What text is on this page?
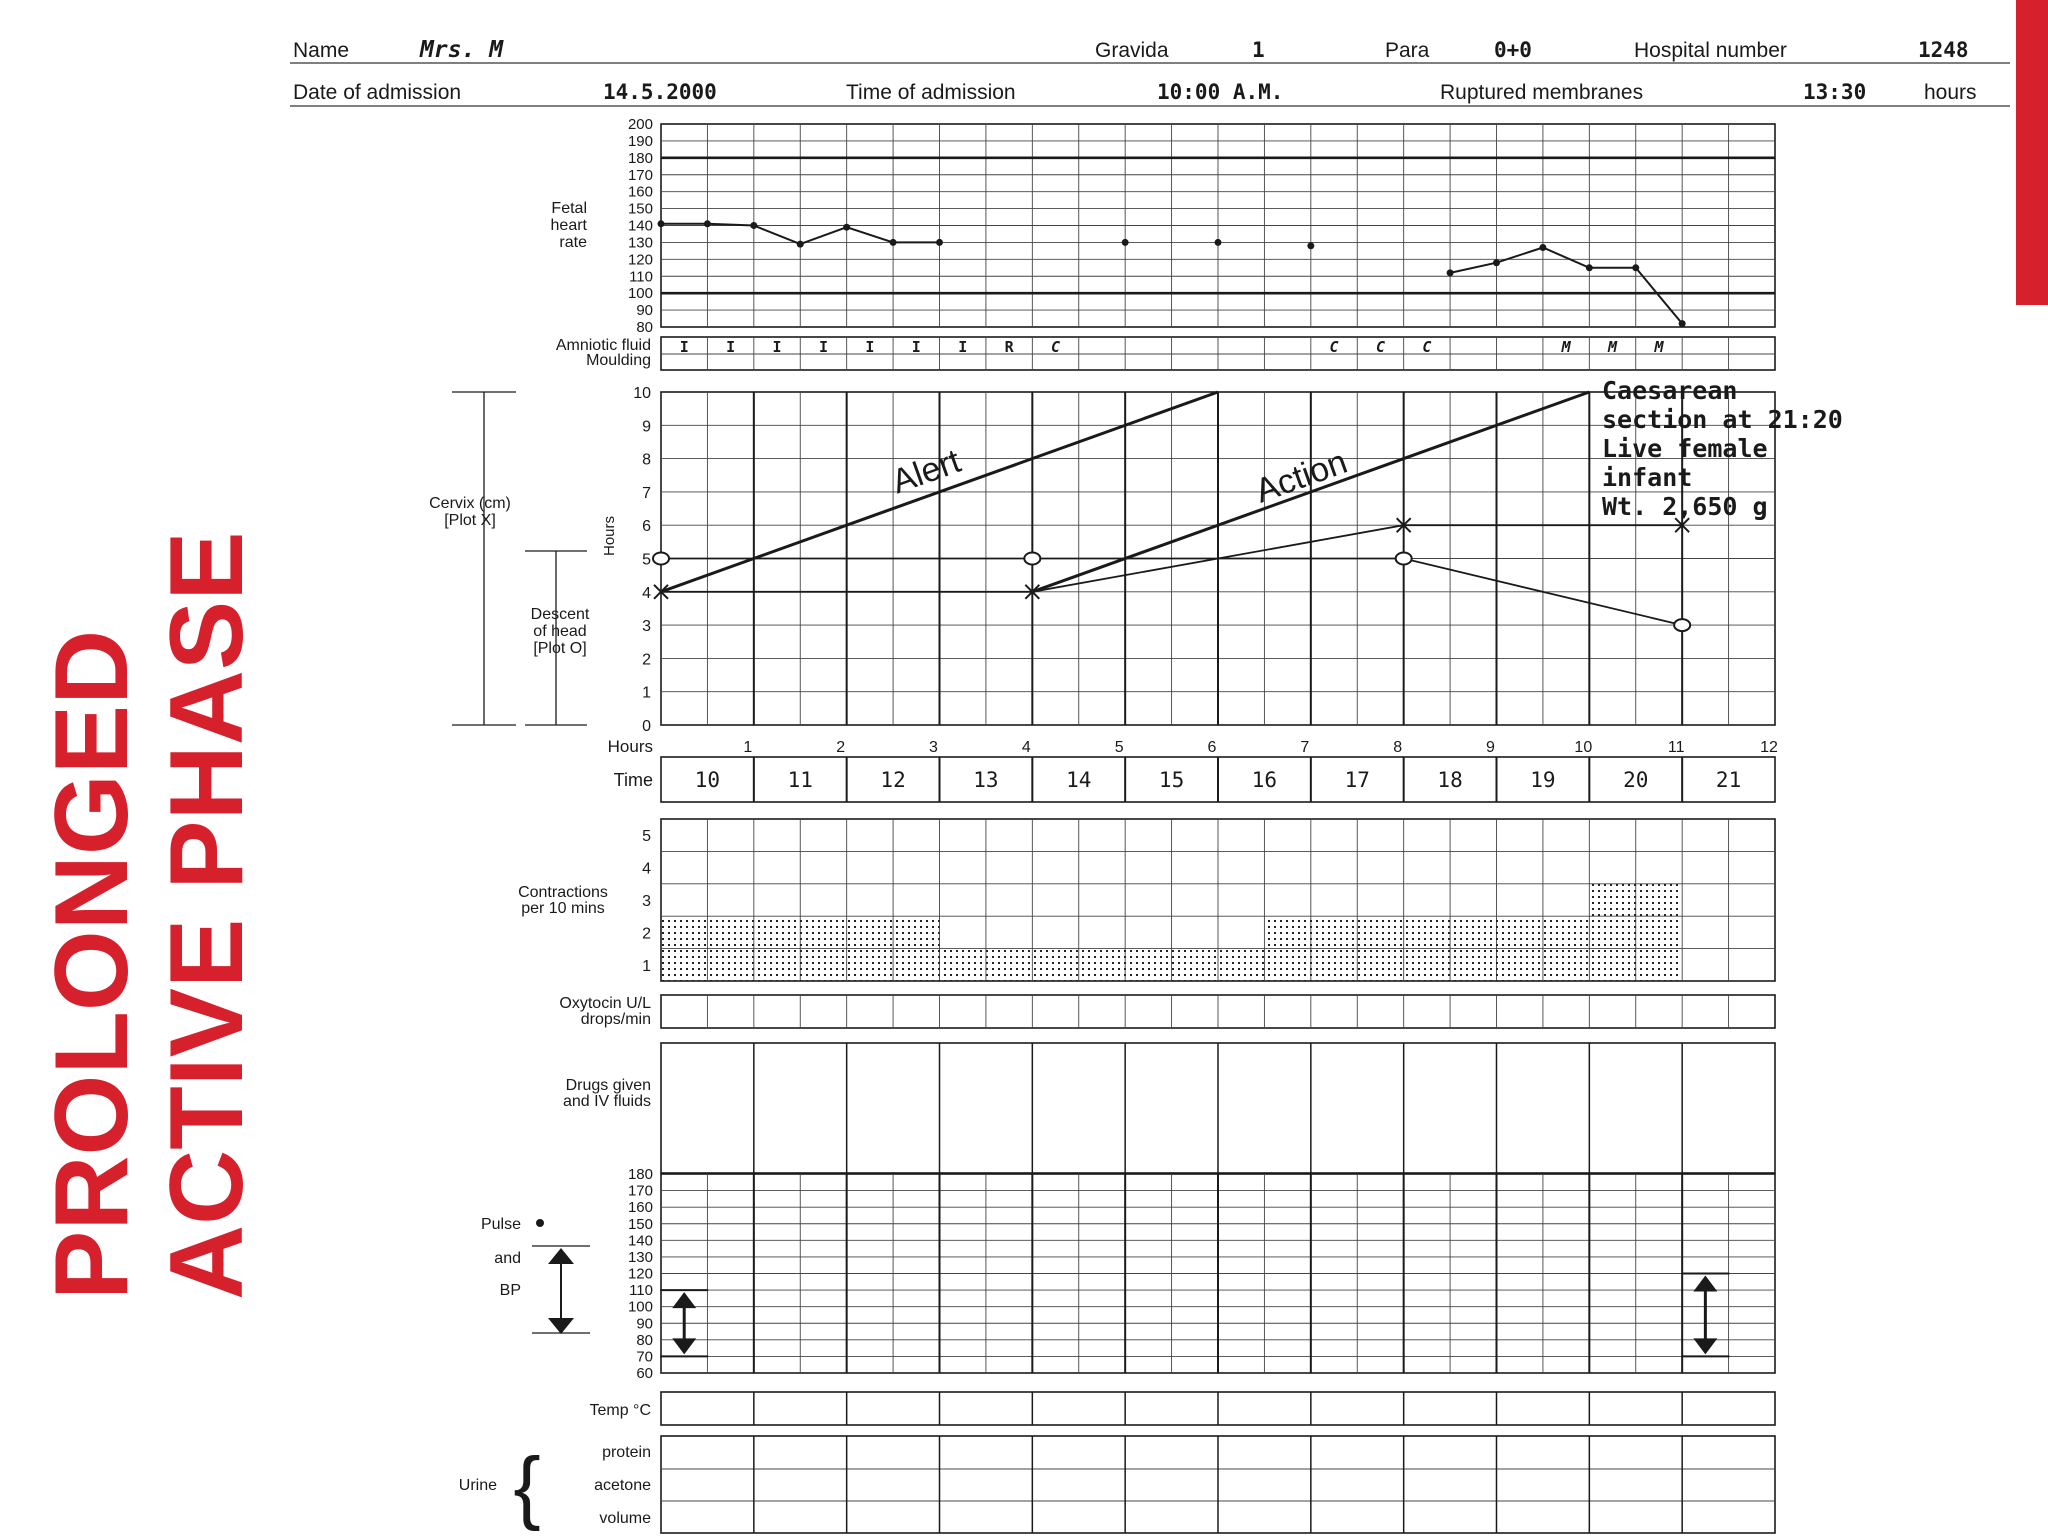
PROLONGED ACTIVE PHASE
Name	Mrs. M	Gravida	1	Para	0+0	Hospital number	1248
Date of admission	14.5.2000	Time of admission	10:00 A.M.	Ruptured membranes	13:30	hours
200
190
180
170
160
150
140
130
120
110
100
90
80
Fetal
heart
rate
I I I I I I I R C	C C C	M M M
Amniotic fluid
Moulding
Alert	Action
10
9
8
7
6
5
4
3
2
1
0
Hours
Cervix (cm)
[Plot X]
Descent
of head
[Plot O]
Caesarean
section at 21:20
Live female
infant
Wt. 2,650 g
Hours	1	2	3	4	5	6	7	8	9	10	11	12
Time 10	11	12	13	14	15	16	17	18	19	20	21
5
4
3
2
1
Contractions
per 10 mins
Oxytocin U/L
drops/min
Drugs given
and IV fluids
180
170
160
150
140
130
120
110
100
90
80
70
60
Pulse
and
BP
Temp °C
Urine {	protein
acetone
volume
